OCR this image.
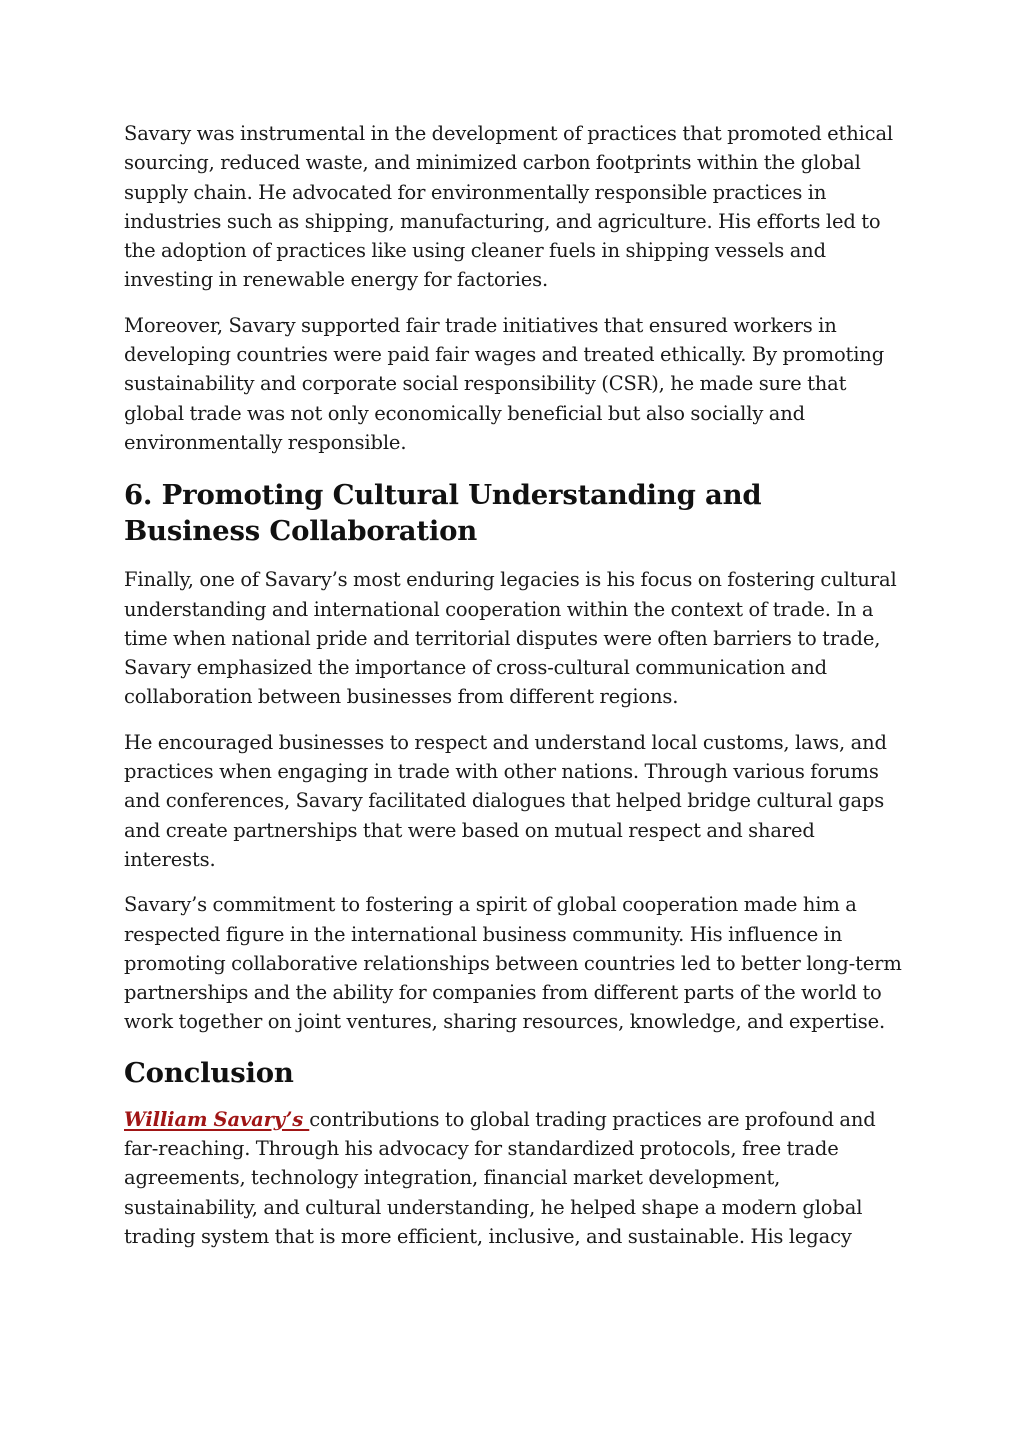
Savary was instrumental in the development of practices that promoted ethical sourcing, reduced waste, and minimized carbon footprints within the global supply chain. He advocated for environmentally responsible practices in industries such as shipping, manufacturing, and agriculture. His efforts led to the adoption of practices like using cleaner fuels in shipping vessels and investing in renewable energy for factories.

Moreover, Savary supported fair trade initiatives that ensured workers in developing countries were paid fair wages and treated ethically. By promoting sustainability and corporate social responsibility (CSR), he made sure that global trade was not only economically beneficial but also socially and environmentally responsible.

6. Promoting Cultural Understanding and Business Collaboration

Finally, one of Savary’s most enduring legacies is his focus on fostering cultural understanding and international cooperation within the context of trade. In a time when national pride and territorial disputes were often barriers to trade, Savary emphasized the importance of cross-cultural communication and collaboration between businesses from different regions.

He encouraged businesses to respect and understand local customs, laws, and practices when engaging in trade with other nations. Through various forums and conferences, Savary facilitated dialogues that helped bridge cultural gaps and create partnerships that were based on mutual respect and shared interests.

Savary’s commitment to fostering a spirit of global cooperation made him a respected figure in the international business community. His influence in promoting collaborative relationships between countries led to better long-term partnerships and the ability for companies from different parts of the world to work together on joint ventures, sharing resources, knowledge, and expertise.

Conclusion

William Savary’s contributions to global trading practices are profound and far-reaching. Through his advocacy for standardized protocols, free trade agreements, technology integration, financial market development, sustainability, and cultural understanding, he helped shape a modern global trading system that is more efficient, inclusive, and sustainable. His legacy
